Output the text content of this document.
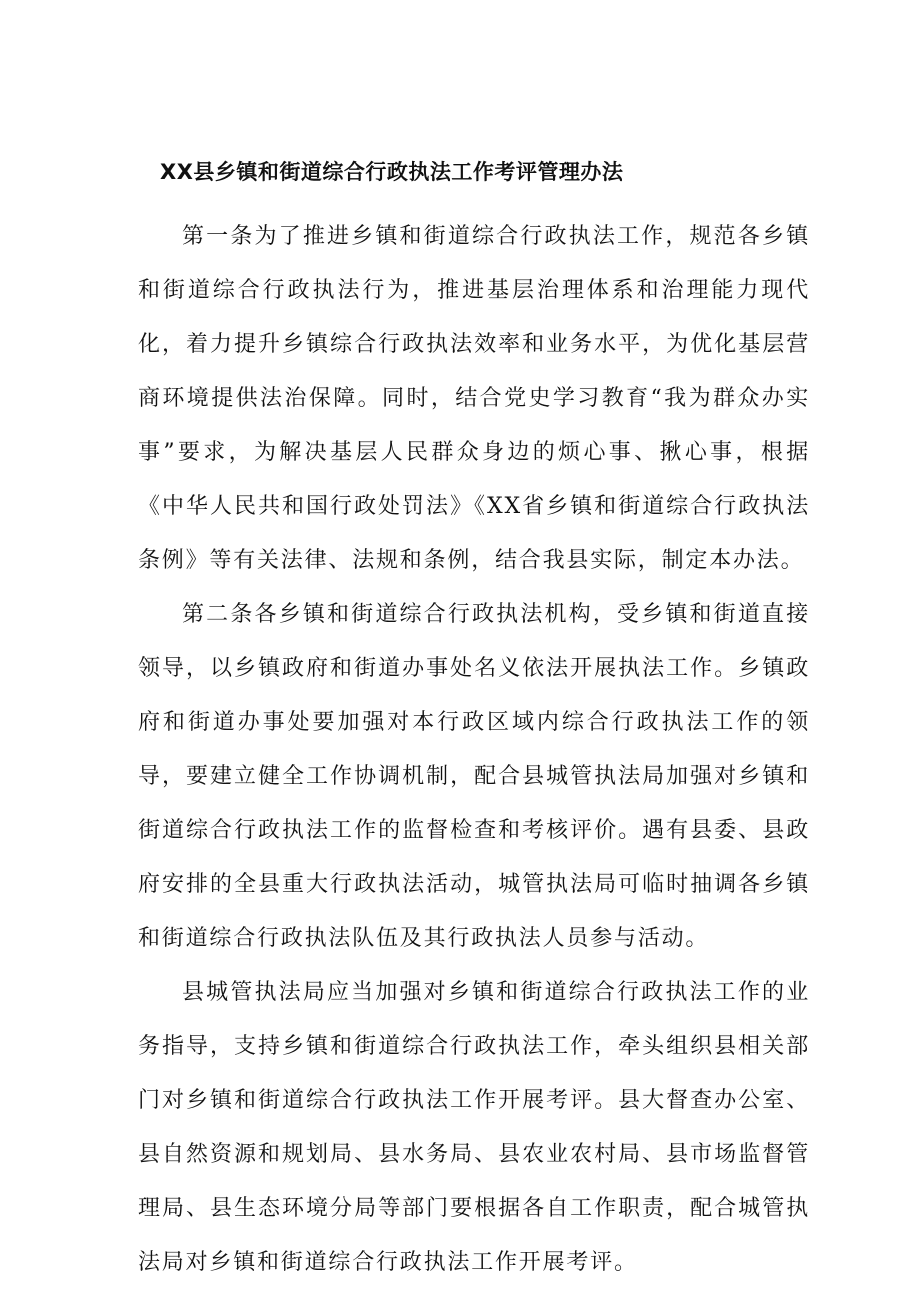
XX县乡镇和街道综合行政执法工作考评管理办法

第一条为了推进乡镇和街道综合行政执法工作，规范各乡镇和街道综合行政执法行为，推进基层治理体系和治理能力现代化，着力提升乡镇综合行政执法效率和业务水平，为优化基层营商环境提供法治保障。同时，结合党史学习教育“我为群众办实事”要求，为解决基层人民群众身边的烦心事、揪心事，根据《中华人民共和国行政处罚法》《XX省乡镇和街道综合行政执法条例》等有关法律、法规和条例，结合我县实际，制定本办法。

第二条各乡镇和街道综合行政执法机构，受乡镇和街道直接领导，以乡镇政府和街道办事处名义依法开展执法工作。乡镇政府和街道办事处要加强对本行政区域内综合行政执法工作的领导，要建立健全工作协调机制，配合县城管执法局加强对乡镇和街道综合行政执法工作的监督检查和考核评价。遇有县委、县政府安排的全县重大行政执法活动，城管执法局可临时抽调各乡镇和街道综合行政执法队伍及其行政执法人员参与活动。

县城管执法局应当加强对乡镇和街道综合行政执法工作的业务指导，支持乡镇和街道综合行政执法工作，牵头组织县相关部门对乡镇和街道综合行政执法工作开展考评。县大督查办公室、县自然资源和规划局、县水务局、县农业农村局、县市场监督管理局、县生态环境分局等部门要根据各自工作职责，配合城管执法局对乡镇和街道综合行政执法工作开展考评。
